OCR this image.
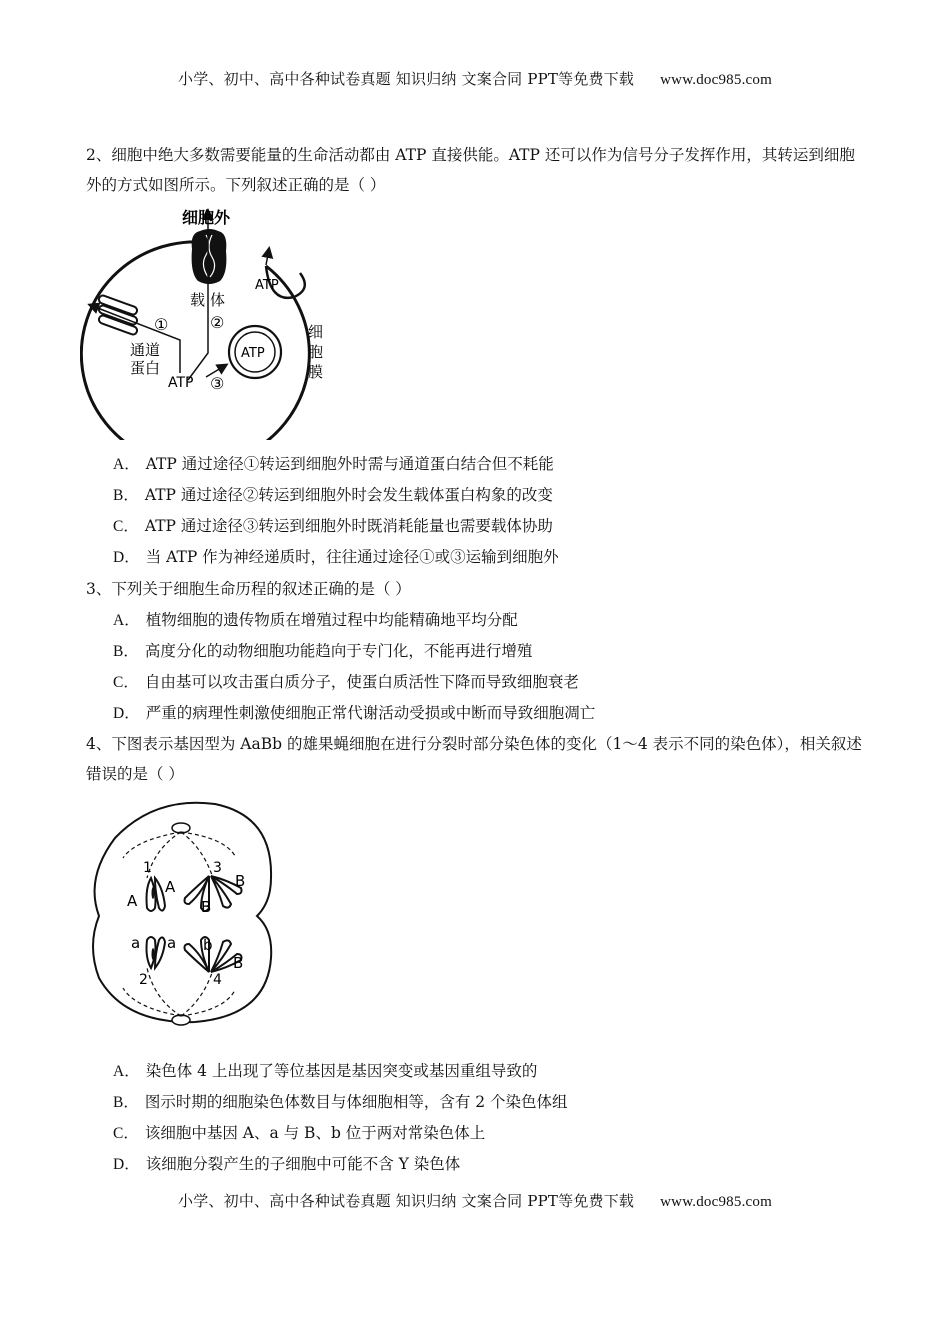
小学、初中、高中各种试卷真题 知识归纳 文案合同 PPT等免费下载 www.doc985.com
2、细胞中绝大多数需要能量的生命活动都由 ATP 直接供能。ATP 还可以作为信号分子发挥作用，其转运到细胞外的方式如图所示。下列叙述正确的是（ ）
ATP
细胞外
载 体
②
①
通道
蛋白
ATP ③
ATP
细
胞
膜
A． ATP 通过途径①转运到细胞外时需与通道蛋白结合但不耗能
B． ATP 通过途径②转运到细胞外时会发生载体蛋白构象的改变
C． ATP 通过途径③转运到细胞外时既消耗能量也需要载体协助
D． 当 ATP 作为神经递质时，往往通过途径①或③运输到细胞外
3、下列关于细胞生命历程的叙述正确的是（ ）
A． 植物细胞的遗传物质在增殖过程中均能精确地平均分配
B． 高度分化的动物细胞功能趋向于专门化，不能再进行增殖
C． 自由基可以攻击蛋白质分子，使蛋白质活性下降而导致细胞衰老
D． 严重的病理性刺激使细胞正常代谢活动受损或中断而导致细胞凋亡
4、下图表示基因型为 AaBb 的雄果蝇细胞在进行分裂时部分染色体的变化（1～4 表示不同的染色体），相关叙述错误的是（ ）
1	3
2	4
A
A	B
B
a a b
B
A． 染色体 4 上出现了等位基因是基因突变或基因重组导致的
B． 图示时期的细胞染色体数目与体细胞相等，含有 2 个染色体组
C． 该细胞中基因 A、a 与 B、b 位于两对常染色体上
D． 该细胞分裂产生的子细胞中可能不含 Y 染色体
小学、初中、高中各种试卷真题 知识归纳 文案合同 PPT等免费下载 www.doc985.com
